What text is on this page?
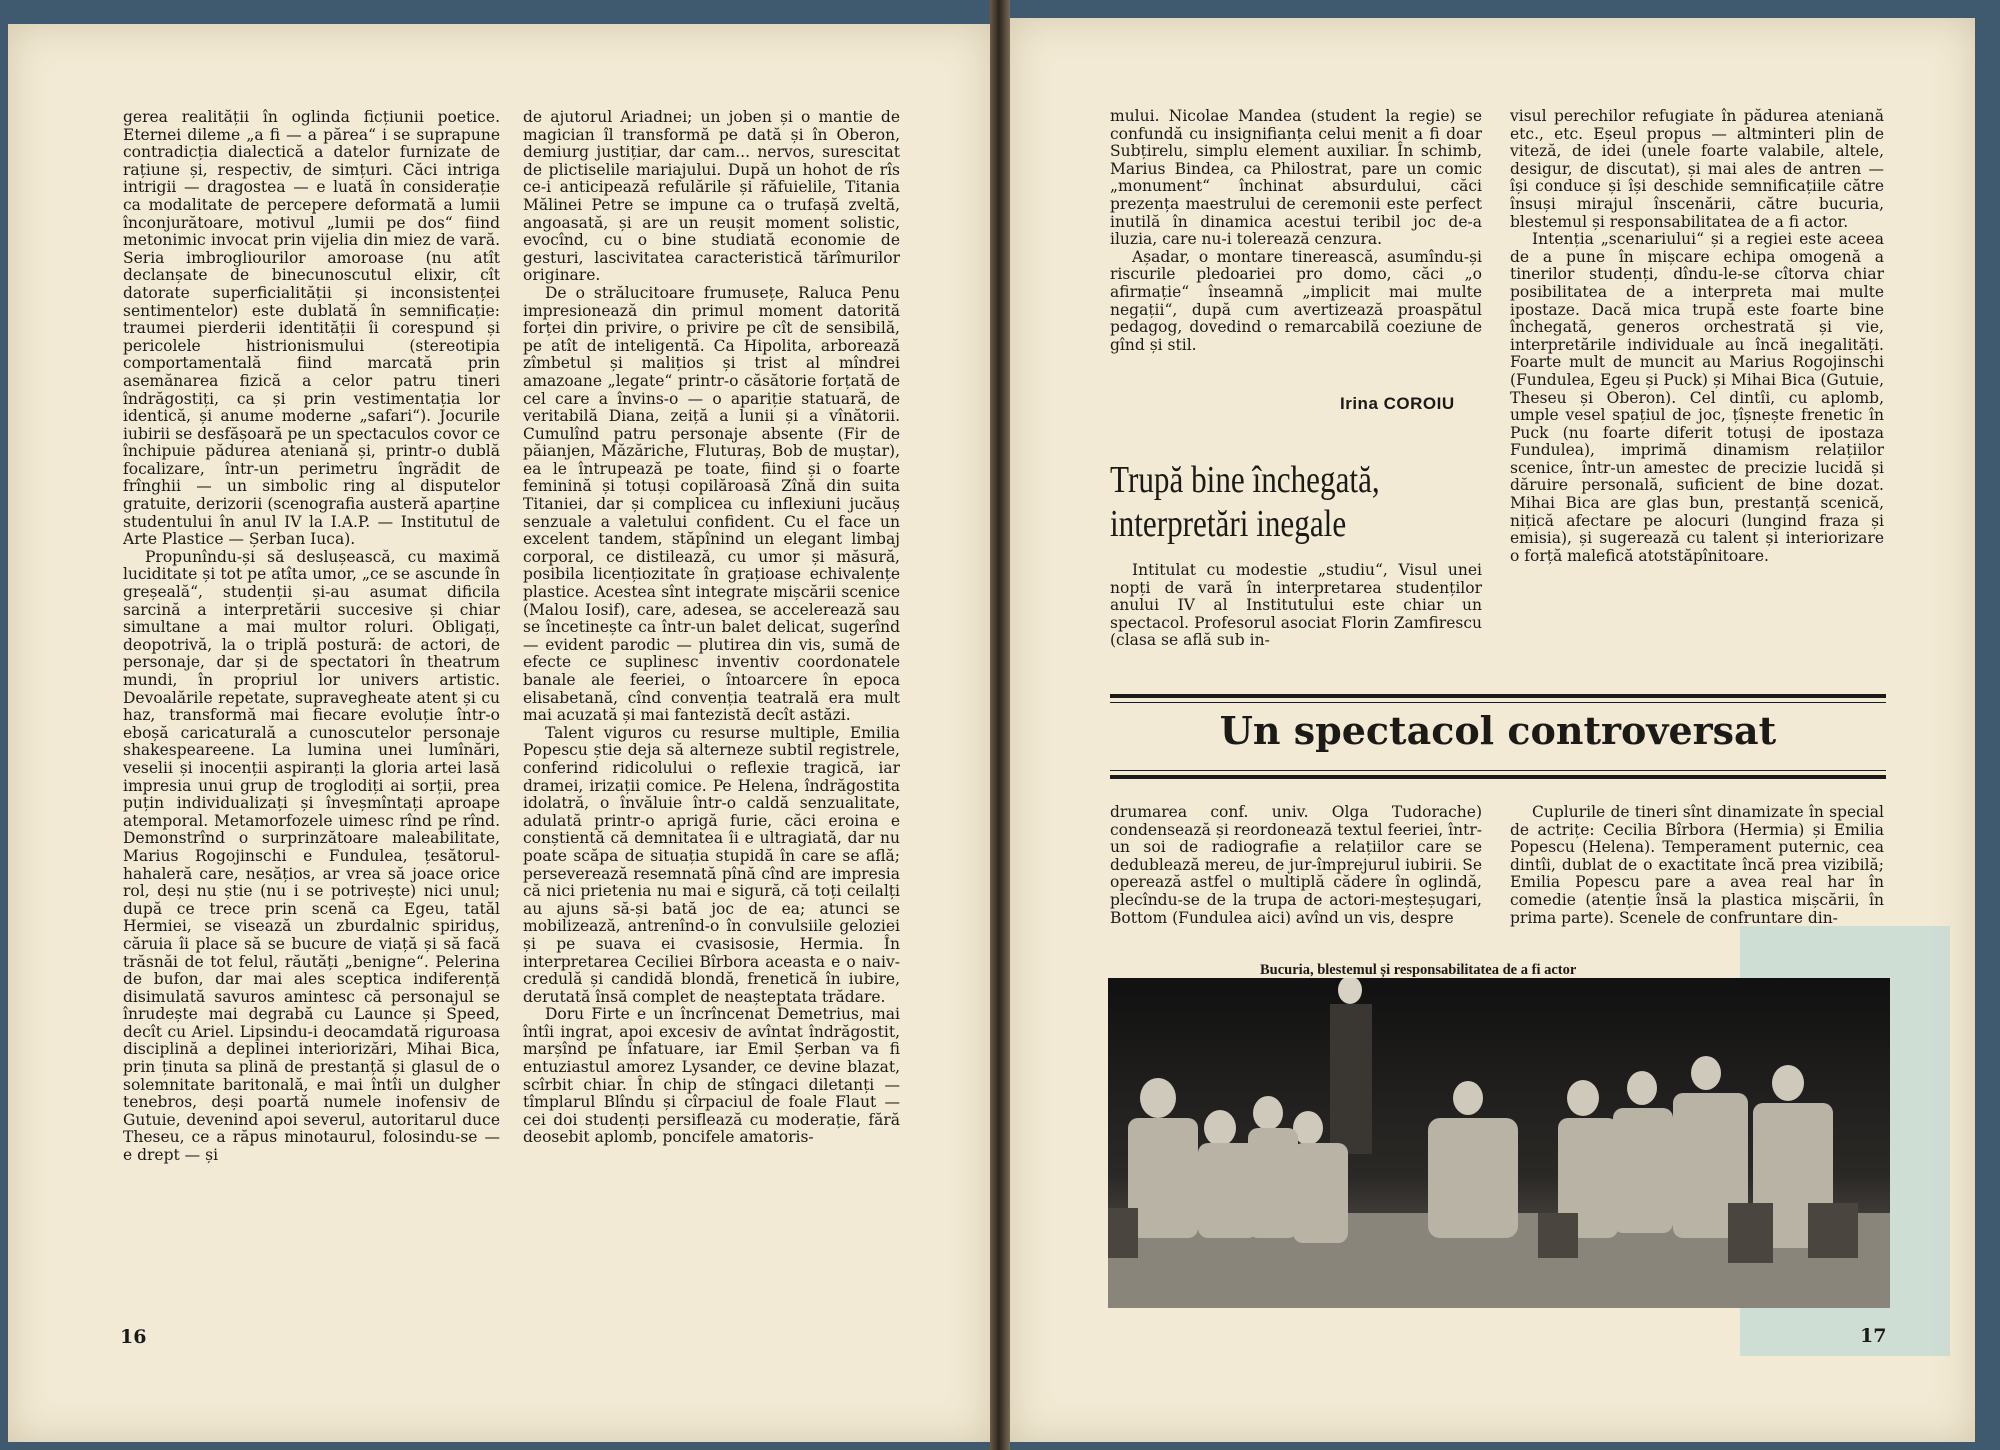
gerea realității în oglinda ficțiunii poetice. Eternei dileme „a fi — a părea“ i se suprapune contradicția dialectică a datelor furnizate de rațiune și, respectiv, de simțuri. Căci intriga intrigii — dragostea — e luată în considerație ca modalitate de percepere deformată a lumii înconjurătoare, motivul „lumii pe dos“ fiind metonimic invocat prin vijelia din miez de vară. Seria imbrogliourilor amoroase (nu atît declanșate de binecunoscutul elixir, cît datorate superficialității și inconsistenței sentimentelor) este dublată în semnificație: traumei pierderii identității îi corespund și pericolele histrionismului (stereotipia comportamentală fiind marcată prin asemănarea fizică a celor patru tineri îndrăgostiți, ca și prin vestimentația lor identică, și anume moderne „safari“). Jocurile iubirii se desfășoară pe un spectaculos covor ce închipuie pădurea ateniană și, printr-o dublă focalizare, într-un perimetru îngrădit de frînghii — un simbolic ring al disputelor gratuite, derizorii (scenografia austeră aparține studentului în anul IV la I.A.P. — Institutul de Arte Plastice — Șerban Iuca).

Propunîndu-și să deslușească, cu maximă luciditate și tot pe atîta umor, „ce se ascunde în greșeală“, studenții și-au asumat dificila sarcină a interpretării succesive și chiar simultane a mai multor roluri. Obligați, deopotrivă, la o triplă postură: de actori, de personaje, dar și de spectatori în theatrum mundi, în propriul lor univers artistic. Devoalările repetate, supravegheate atent și cu haz, transformă mai fiecare evoluție într-o eboșă caricaturală a cunoscutelor personaje shakespeareene. La lumina unei lumînări, veselii și inocenții aspiranți la gloria artei lasă impresia unui grup de troglodiți ai sorții, prea puțin individualizați și înveșmîntați aproape atemporal. Metamorfozele uimesc rînd pe rînd. Demonstrînd o surprinzătoare maleabilitate, Marius Rogojinschi e Fundulea, țesătorul-hahaleră care, nesățios, ar vrea să joace orice rol, deși nu știe (nu i se potrivește) nici unul; după ce trece prin scenă ca Egeu, tatăl Hermiei, se visează un zburdalnic spiriduș, căruia îi place să se bucure de viață și să facă trăsnăi de tot felul, răutăți „benigne“. Pelerina de bufon, dar mai ales sceptica indiferență disimulată savuros amintesc că personajul se înrudește mai degrabă cu Launce și Speed, decît cu Ariel. Lipsindu-i deocamdată riguroasa disciplină a deplinei interiorizări, Mihai Bica, prin ținuta sa plină de prestanță și glasul de o solemnitate baritonală, e mai întîi un dulgher tenebros, deși poartă numele inofensiv de Gutuie, devenind apoi severul, autoritarul duce Theseu, ce a răpus minotaurul, folosindu-se — e drept — și

de ajutorul Ariadnei; un joben și o mantie de magician îl transformă pe dată și în Oberon, demiurg justițiar, dar cam... nervos, surescitat de plictiselile mariajului. După un hohot de rîs ce-i anticipează refulările și răfuielile, Titania Mălinei Petre se impune ca o trufașă zveltă, angoasată, și are un reușit moment solistic, evocînd, cu o bine studiată economie de gesturi, lascivitatea caracteristică tărîmurilor originare.

De o strălucitoare frumusețe, Raluca Penu impresionează din primul moment datorită forței din privire, o privire pe cît de sensibilă, pe atît de inteligentă. Ca Hipolita, arborează zîmbetul și malițios și trist al mîndrei amazoane „legate“ printr-o căsătorie forțată de cel care a învins-o — o apariție statuară, de veritabilă Diana, zeiță a lunii și a vînătorii. Cumulînd patru personaje absente (Fir de păianjen, Măzăriche, Fluturaș, Bob de muștar), ea le întrupează pe toate, fiind și o foarte feminină și totuși copilăroasă Zînă din suita Titaniei, dar și complicea cu inflexiuni jucăuș senzuale a valetului confident. Cu el face un excelent tandem, stăpînind un elegant limbaj corporal, ce distilează, cu umor și măsură, posibila licențiozitate în grațioase echivalențe plastice. Acestea sînt integrate mișcării scenice (Malou Iosif), care, adesea, se accelerează sau se încetinește ca într-un balet delicat, sugerînd — evident parodic — plutirea din vis, sumă de efecte ce suplinesc inventiv coordonatele banale ale feeriei, o întoarcere în epoca elisabetană, cînd convenția teatrală era mult mai acuzată și mai fantezistă decît astăzi.

Talent viguros cu resurse multiple, Emilia Popescu știe deja să alterneze subtil registrele, conferind ridicolului o reflexie tragică, iar dramei, irizații comice. Pe Helena, îndrăgostita idolatră, o învăluie într-o caldă senzualitate, adulată printr-o aprigă furie, căci eroina e conștientă că demnitatea îi e ultragiată, dar nu poate scăpa de situația stupidă în care se află; perseverează resemnată pînă cînd are impresia că nici prietenia nu mai e sigură, că toți ceilalți au ajuns să-și bată joc de ea; atunci se mobilizează, antrenînd-o în convulsiile geloziei și pe suava ei cvasisosie, Hermia. În interpretarea Ceciliei Bîrbora aceasta e o naiv-credulă și candidă blondă, frenetică în iubire, derutată însă complet de neașteptata trădare.

Doru Firte e un încrîncenat Demetrius, mai întîi ingrat, apoi excesiv de avîntat îndrăgostit, marșînd pe înfatuare, iar Emil Șerban va fi entuziastul amorez Lysander, ce devine blazat, scîrbit chiar. În chip de stîngaci diletanți — tîmplarul Blîndu și cîrpaciul de foale Flaut — cei doi studenți persiflează cu moderație, fără deosebit aplomb, poncifele amatoris-

16

mului. Nicolae Mandea (student la regie) se confundă cu insignifianța celui menit a fi doar Subțirelu, simplu element auxiliar. În schimb, Marius Bindea, ca Philostrat, pare un comic „monument“ închinat absurdului, căci prezența maestrului de ceremonii este perfect inutilă în dinamica acestui teribil joc de-a iluzia, care nu-i tolerează cenzura.

Așadar, o montare tinerească, asumîndu-și riscurile pledoariei pro domo, căci „o afirmație“ înseamnă „implicit mai multe negații“, după cum avertizează proaspătul pedagog, dovedind o remarcabilă coeziune de gînd și stil.

Irina COROIU
Trupă bine închegată,
interpretări inegale

Intitulat cu modestie „studiu“, Visul unei nopți de vară în interpretarea studenților anului IV al Institutului este chiar un spectacol. Profesorul asociat Florin Zamfirescu (clasa se află sub in-

visul perechilor refugiate în pădurea ateniană etc., etc. Eșeul propus — altminteri plin de viteză, de idei (unele foarte valabile, altele, desigur, de discutat), și mai ales de antren — își conduce și își deschide semnificațiile către însuși mirajul înscenării, către bucuria, blestemul și responsabilitatea de a fi actor.

Intenția „scenariului“ și a regiei este aceea de a pune în mișcare echipa omogenă a tinerilor studenți, dîndu-le-se cîtorva chiar posibilitatea de a interpreta mai multe ipostaze. Dacă mica trupă este foarte bine închegată, generos orchestrată și vie, interpretările individuale au încă inegalități. Foarte mult de muncit au Marius Rogojinschi (Fundulea, Egeu și Puck) și Mihai Bica (Gutuie, Theseu și Oberon). Cel dintîi, cu aplomb, umple vesel spațiul de joc, țîșnește frenetic în Puck (nu foarte diferit totuși de ipostaza Fundulea), imprimă dinamism relațiilor scenice, într-un amestec de precizie lucidă și dăruire personală, suficient de bine dozat. Mihai Bica are glas bun, prestanță scenică, nițică afectare pe alocuri (lungind fraza și emisia), și sugerează cu talent și interiorizare o forță malefică atotstăpînitoare.

Un spectacol controversat

drumarea conf. univ. Olga Tudorache) condensează și reordonează textul feeriei, într-un soi de radiografie a relațiilor care se dedublează mereu, de jur-împrejurul iubirii. Se operează astfel o multiplă cădere în oglindă, plecîndu-se de la trupa de actori-meșteșugari, Bottom (Fundulea aici) avînd un vis, despre

Cuplurile de tineri sînt dinamizate în special de actrițe: Cecilia Bîrbora (Hermia) și Emilia Popescu (Helena). Temperament puternic, cea dintîi, dublat de o exactitate încă prea vizibilă; Emilia Popescu pare a avea real har în comedie (atenție însă la plastica mișcării, în prima parte). Scenele de confruntare din-

Bucuria, blestemul și responsabilitatea de a fi actor
17
